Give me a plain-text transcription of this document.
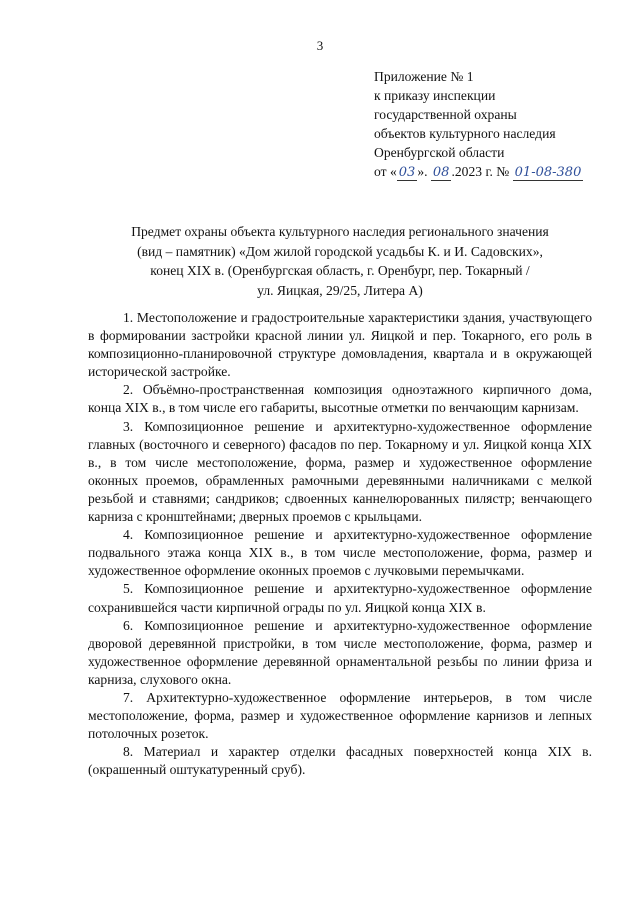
3
Приложение № 1
к приказу инспекции
государственной охраны
объектов культурного наследия
Оренбургской области
от « 03 ». 08 .2023 г. № 01-08-380
Предмет охраны объекта культурного наследия регионального значения
(вид – памятник) «Дом жилой городской усадьбы К. и И. Садовских»,
конец XIX в. (Оренбургская область, г. Оренбург, пер. Токарный /
ул. Яицкая, 29/25, Литера А)

1. Местоположение и градостроительные характеристики здания, участвующего в формировании застройки красной линии ул. Яицкой и пер. Токарного, его роль в композиционно-планировочной структуре домовладения, квартала и в окружающей исторической застройке.

2. Объёмно-пространственная композиция одноэтажного кирпичного дома, конца XIX в., в том числе его габариты, высотные отметки по венчающим карнизам.

3. Композиционное решение и архитектурно-художественное оформление главных (восточного и северного) фасадов по пер. Токарному и ул. Яицкой конца XIX в., в том числе местоположение, форма, размер и художественное оформление оконных проемов, обрамленных рамочными деревянными наличниками с мелкой резьбой и ставнями; сандриков; сдвоенных каннелюрованных пилястр; венчающего карниза с кронштейнами; дверных проемов с крыльцами.

4. Композиционное решение и архитектурно-художественное оформление подвального этажа конца XIX в., в том числе местоположение, форма, размер и художественное оформление оконных проемов с лучковыми перемычками.

5. Композиционное решение и архитектурно-художественное оформление сохранившейся части кирпичной ограды по ул. Яицкой конца XIX в.

6. Композиционное решение и архитектурно-художественное оформление дворовой деревянной пристройки, в том числе местоположение, форма, размер и художественное оформление деревянной орнаментальной резьбы по линии фриза и карниза, слухового окна.

7. Архитектурно-художественное оформление интерьеров, в том числе местоположение, форма, размер и художественное оформление карнизов и лепных потолочных розеток.

8. Материал и характер отделки фасадных поверхностей конца XIX в. (окрашенный оштукатуренный сруб).
